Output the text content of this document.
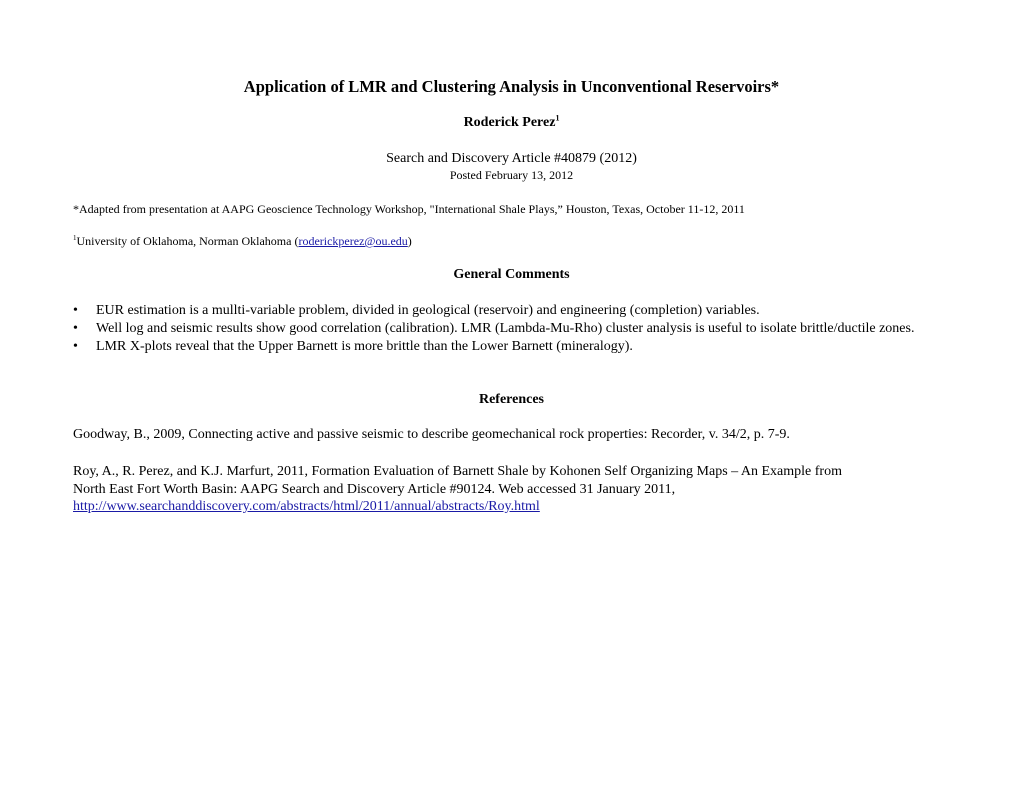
Application of LMR and Clustering Analysis in Unconventional Reservoirs*
Roderick Perez$^1$
Search and Discovery Article #40879 (2012)
Posted February 13, 2012
*Adapted from presentation at AAPG Geoscience Technology Workshop, "International Shale Plays,” Houston, Texas, October 11-12, 2011
$^1$University of Oklahoma, Norman Oklahoma (roderickperez@ou.edu)
General Comments
• EUR estimation is a mullti-variable problem, divided in geological (reservoir) and engineering (completion) variables.
• Well log and seismic results show good correlation (calibration). LMR (Lambda-Mu-Rho) cluster analysis is useful to isolate brittle/ductile zones.
• LMR X-plots reveal that the Upper Barnett is more brittle than the Lower Barnett (mineralogy).
References
Goodway, B., 2009, Connecting active and passive seismic to describe geomechanical rock properties: Recorder, v. 34/2, p. 7-9.
Roy, A., R. Perez, and K.J. Marfurt, 2011, Formation Evaluation of Barnett Shale by Kohonen Self Organizing Maps – An Example from
North East Fort Worth Basin: AAPG Search and Discovery Article #90124. Web accessed 31 January 2011,
http://www.searchanddiscovery.com/abstracts/html/2011/annual/abstracts/Roy.html
